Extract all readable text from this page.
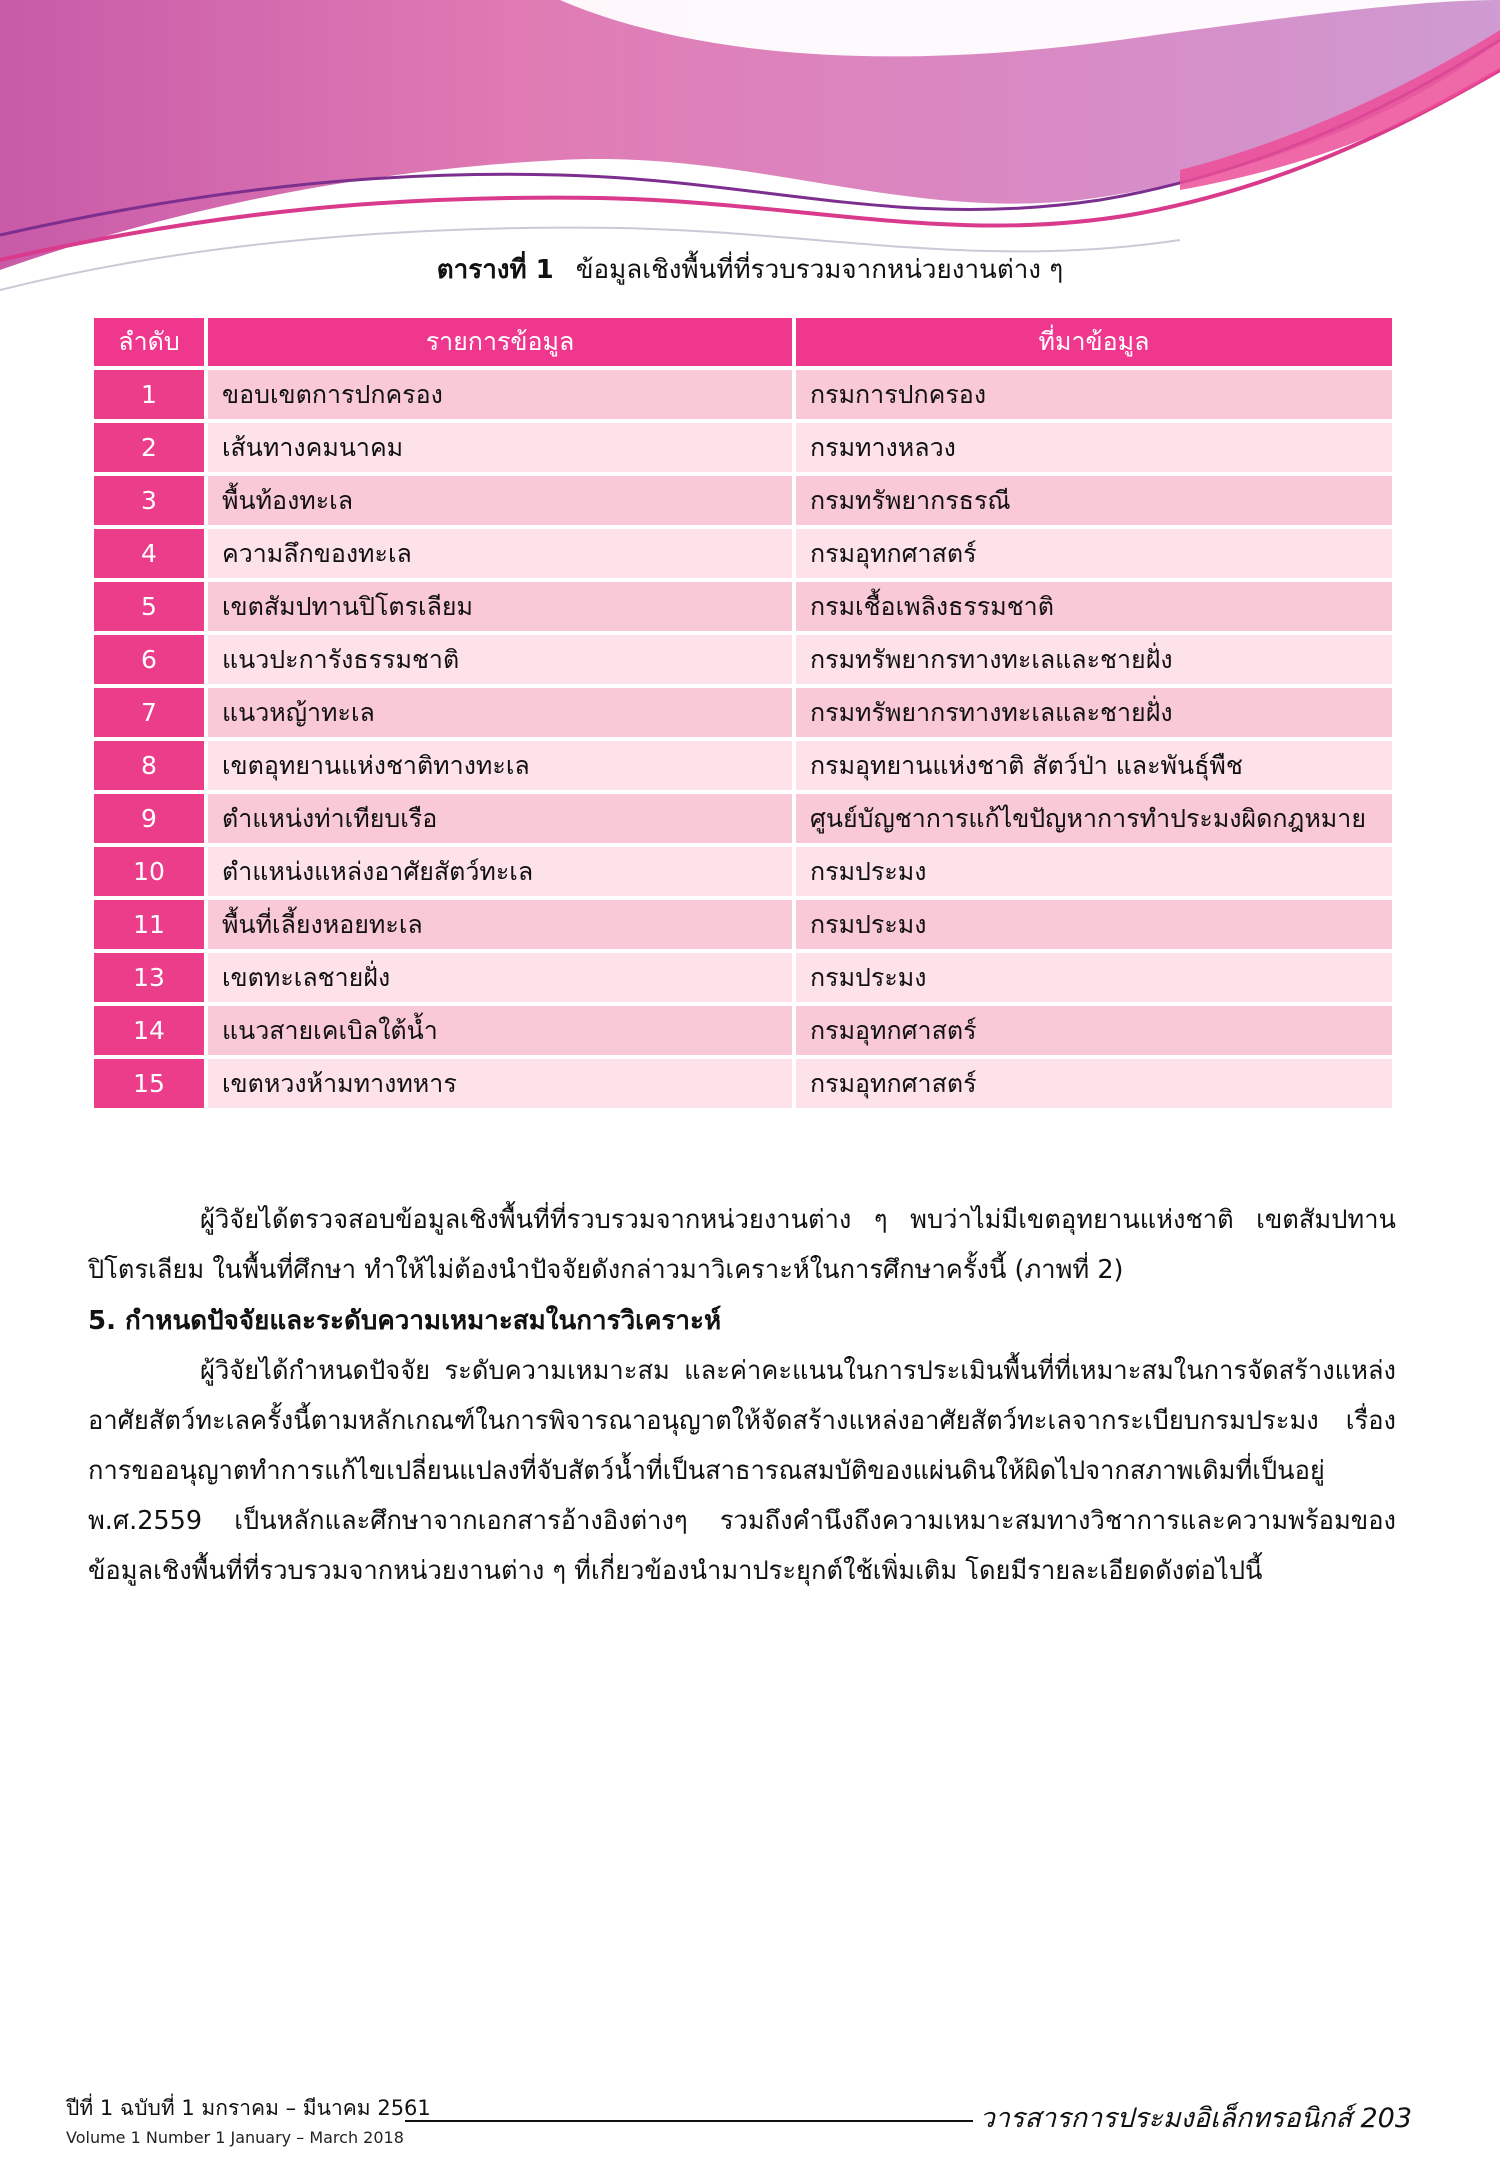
ตารางที่ 1 ข้อมูลเชิงพื้นที่ที่รวบรวมจากหน่วยงานต่าง ๆ
ลำดับ	รายการข้อมูล	ที่มาข้อมูล
1	ขอบเขตการปกครอง	กรมการปกครอง
2	เส้นทางคมนาคม	กรมทางหลวง
3	พื้นท้องทะเล	กรมทรัพยากรธรณี
4	ความลึกของทะเล	กรมอุทกศาสตร์
5	เขตสัมปทานปิโตรเลียม	กรมเชื้อเพลิงธรรมชาติ
6	แนวปะการังธรรมชาติ	กรมทรัพยากรทางทะเลและชายฝั่ง
7	แนวหญ้าทะเล	กรมทรัพยากรทางทะเลและชายฝั่ง
8	เขตอุทยานแห่งชาติทางทะเล	กรมอุทยานแห่งชาติ สัตว์ป่า และพันธุ์พืช
9	ตำแหน่งท่าเทียบเรือ	ศูนย์บัญชาการแก้ไขปัญหาการทำประมงผิดกฎหมาย
10	ตำแหน่งแหล่งอาศัยสัตว์ทะเล	กรมประมง
11	พื้นที่เลี้ยงหอยทะเล	กรมประมง
13	เขตทะเลชายฝั่ง	กรมประมง
14	แนวสายเคเบิลใต้น้ำ	กรมอุทกศาสตร์
15	เขตหวงห้ามทางทหาร	กรมอุทกศาสตร์

ผู้วิจัยได้ตรวจสอบข้อมูลเชิงพื้นที่ที่รวบรวมจากหน่วยงานต่าง ๆ พบว่าไม่มีเขตอุทยานแห่งชาติ เขตสัมปทานปิโตรเลียม ในพื้นที่ศึกษา ทำให้ไม่ต้องนำปัจจัยดังกล่าวมาวิเคราะห์ในการศึกษาครั้งนี้ (ภาพที่ 2)

5. กำหนดปัจจัยและระดับความเหมาะสมในการวิเคราะห์

ผู้วิจัยได้กำหนดปัจจัย ระดับความเหมาะสม และค่าคะแนนในการประเมินพื้นที่ที่เหมาะสมในการจัดสร้างแหล่งอาศัยสัตว์ทะเลครั้งนี้ตามหลักเกณฑ์ในการพิจารณาอนุญาตให้จัดสร้างแหล่งอาศัยสัตว์ทะเลจากระเบียบกรมประมง เรื่อง การขออนุญาตทำการแก้ไขเปลี่ยนแปลงที่จับสัตว์น้ำที่เป็นสาธารณสมบัติของแผ่นดินให้ผิดไปจากสภาพเดิมที่เป็นอยู่ พ.ศ.2559 เป็นหลักและศึกษาจากเอกสารอ้างอิงต่างๆ รวมถึงคำนึงถึงความเหมาะสมทางวิชาการและความพร้อมของข้อมูลเชิงพื้นที่ที่รวบรวมจากหน่วยงานต่าง ๆ ที่เกี่ยวข้องนำมาประยุกต์ใช้เพิ่มเติม โดยมีรายละเอียดดังต่อไปนี้

ปีที่ 1 ฉบับที่ 1 มกราคม – มีนาคม 2561
Volume 1 Number 1 January – March 2018
วารสารการประมงอิเล็กทรอนิกส์ 203
